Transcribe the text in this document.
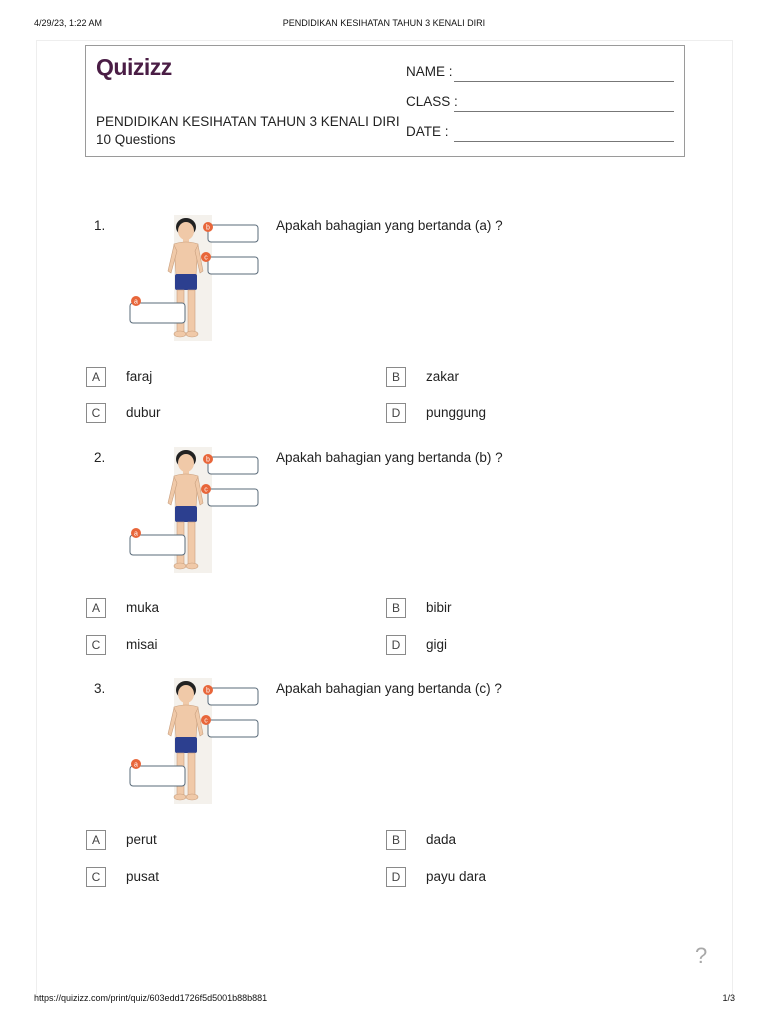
4/29/23, 1:22 AM	PENDIDIKAN KESIHATAN TAHUN 3 KENALI DIRI
Quizizz
PENDIDIKAN KESIHATAN TAHUN 3 KENALI DIRI
10 Questions
NAME :
CLASS :
DATE :
1.	Apakah bahagian yang bertanda (a) ?
b
c
a
A	faraj	B	zakar
C	dubur	D	punggung
2.	Apakah bahagian yang bertanda (b) ?
b
c
a
A	muka	B	bibir
C	misai	D	gigi
3.	Apakah bahagian yang bertanda (c) ?
b
c
a
A	perut	B	dada
C	pusat	D	payu dara
?
https://quizizz.com/print/quiz/603edd1726f5d5001b88b881	1/3
